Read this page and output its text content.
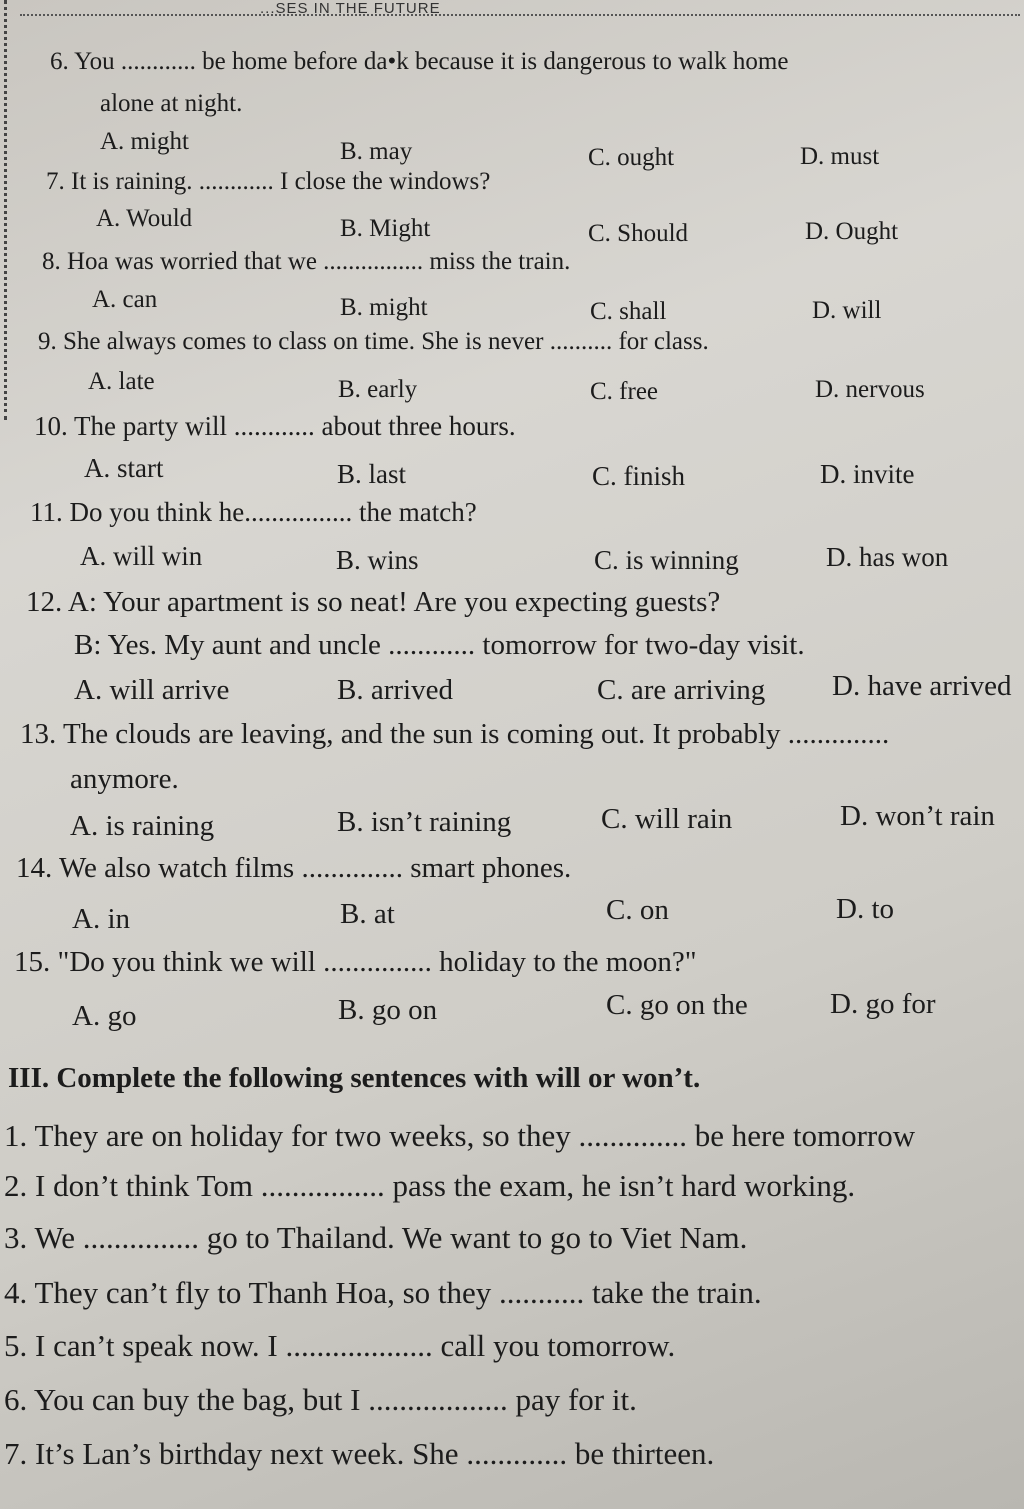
...SES IN THE FUTURE
6. You ............ be home before da•k because it is dangerous to walk home
alone at night.
A. might	B. may	C. ought	D. must
7. It is raining. ............ I close the windows?
A. Would	B. Might	C. Should	D. Ought
8. Hoa was worried that we ................ miss the train.
A. can	B. might	C. shall	D. will
9. She always comes to class on time. She is never .......... for class.
A. late	B. early	C. free	D. nervous
10. The party will ............ about three hours.
A. start	B. last	C. finish	D. invite
11. Do you think he................ the match?
A. will win	B. wins	C. is winning	D. has won
12. A: Your apartment is so neat! Are you expecting guests?
B: Yes. My aunt and uncle ............ tomorrow for two-day visit.
A. will arrive	B. arrived	C. are arriving D. have arrived
13. The clouds are leaving, and the sun is coming out. It probably ..............
anymore.
A. is raining	B. isn’t raining	C. will rain	D. won’t rain
14. We also watch films .............. smart phones.
A. in	B. at	C. on	D. to
15. "Do you think we will ............... holiday to the moon?"
A. go	B. go on	C. go on the	D. go for
III. Complete the following sentences with will or won’t.
1. They are on holiday for two weeks, so they .............. be here tomorrow
2. I don’t think Tom ................ pass the exam, he isn’t hard working.
3. We ............... go to Thailand. We want to go to Viet Nam.
4. They can’t fly to Thanh Hoa, so they ........... take the train.
5. I can’t speak now. I ................... call you tomorrow.
6. You can buy the bag, but I .................. pay for it.
7. It’s Lan’s birthday next week. She ............. be thirteen.
